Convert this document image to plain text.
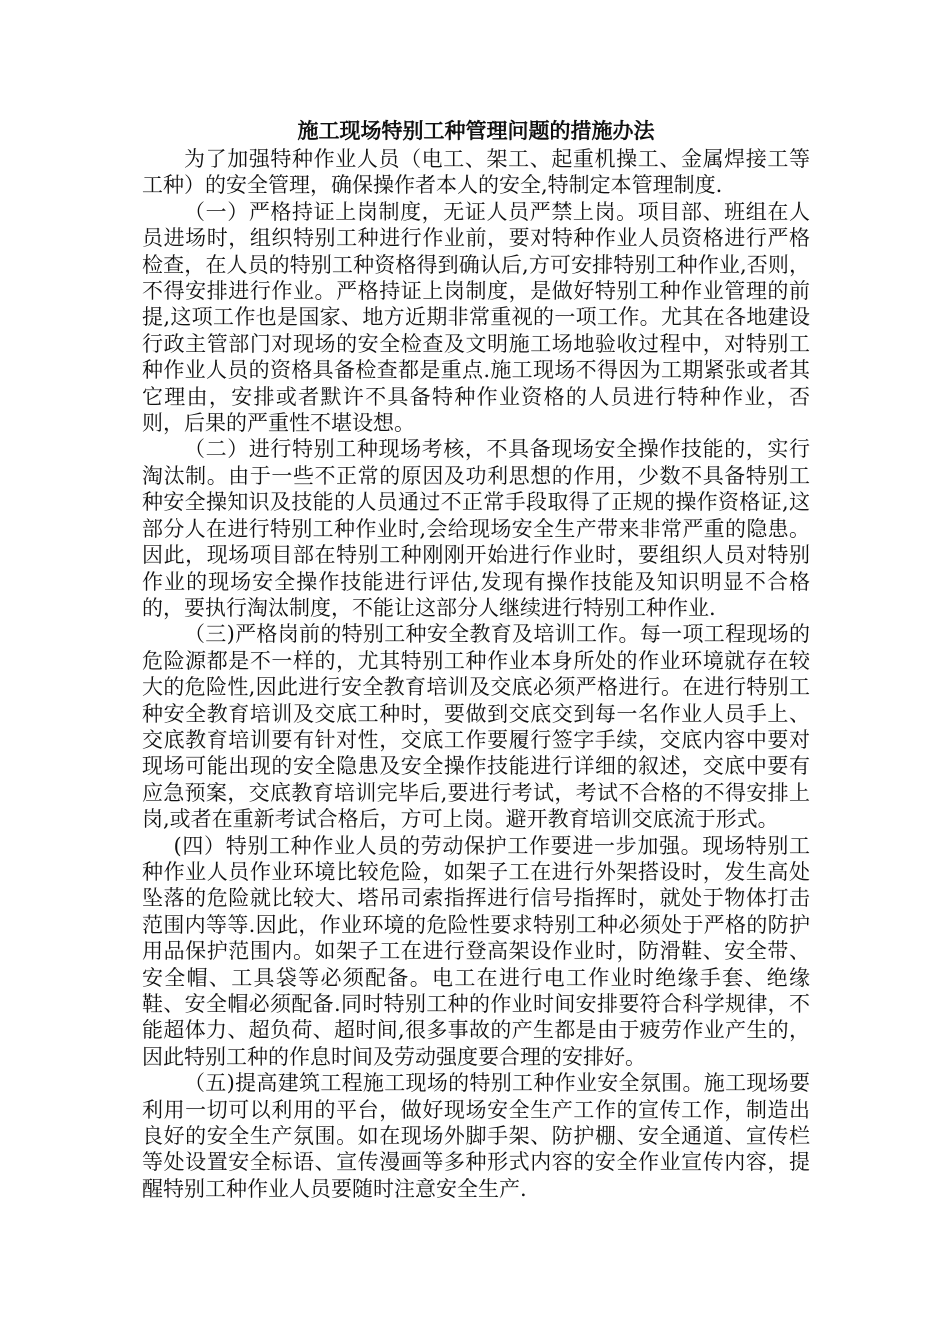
施工现场特别工种管理问题的措施办法

为了加强特种作业人员（电工、架工、起重机操工、金属焊接工等工种）的安全管理，确保操作者本人的安全,特制定本管理制度.

（一）严格持证上岗制度，无证人员严禁上岗。项目部、班组在人员进场时，组织特别工种进行作业前，要对特种作业人员资格进行严格检查，在人员的特别工种资格得到确认后,方可安排特别工种作业,否则，不得安排进行作业。严格持证上岗制度，是做好特别工种作业管理的前提,这项工作也是国家、地方近期非常重视的一项工作。尤其在各地建设行政主管部门对现场的安全检查及文明施工场地验收过程中，对特别工种作业人员的资格具备检查都是重点.施工现场不得因为工期紧张或者其它理由，安排或者默许不具备特种作业资格的人员进行特种作业，否则，后果的严重性不堪设想。

（二）进行特别工种现场考核，不具备现场安全操作技能的，实行淘汰制。由于一些不正常的原因及功利思想的作用，少数不具备特别工种安全操知识及技能的人员通过不正常手段取得了正规的操作资格证,这部分人在进行特别工种作业时,会给现场安全生产带来非常严重的隐患。因此，现场项目部在特别工种刚刚开始进行作业时，要组织人员对特别作业的现场安全操作技能进行评估,发现有操作技能及知识明显不合格的，要执行淘汰制度，不能让这部分人继续进行特别工种作业.

（三)严格岗前的特别工种安全教育及培训工作。每一项工程现场的危险源都是不一样的，尤其特别工种作业本身所处的作业环境就存在较大的危险性,因此进行安全教育培训及交底必须严格进行。在进行特别工种安全教育培训及交底工种时，要做到交底交到每一名作业人员手上、交底教育培训要有针对性，交底工作要履行签字手续，交底内容中要对现场可能出现的安全隐患及安全操作技能进行详细的叙述，交底中要有应急预案，交底教育培训完毕后,要进行考试，考试不合格的不得安排上岗,或者在重新考试合格后，方可上岗。避开教育培训交底流于形式。

(四）特别工种作业人员的劳动保护工作要进一步加强。现场特别工种作业人员作业环境比较危险，如架子工在进行外架搭设时，发生高处坠落的危险就比较大、塔吊司索指挥进行信号指挥时，就处于物体打击范围内等等.因此，作业环境的危险性要求特别工种必须处于严格的防护用品保护范围内。如架子工在进行登高架设作业时，防滑鞋、安全带、安全帽、工具袋等必须配备。电工在进行电工作业时绝缘手套、绝缘鞋、安全帽必须配备.同时特别工种的作业时间安排要符合科学规律，不能超体力、超负荷、超时间,很多事故的产生都是由于疲劳作业产生的，因此特别工种的作息时间及劳动强度要合理的安排好。

（五)提高建筑工程施工现场的特别工种作业安全氛围。施工现场要利用一切可以利用的平台，做好现场安全生产工作的宣传工作，制造出良好的安全生产氛围。如在现场外脚手架、防护棚、安全通道、宣传栏等处设置安全标语、宣传漫画等多种形式内容的安全作业宣传内容，提醒特别工种作业人员要随时注意安全生产.
